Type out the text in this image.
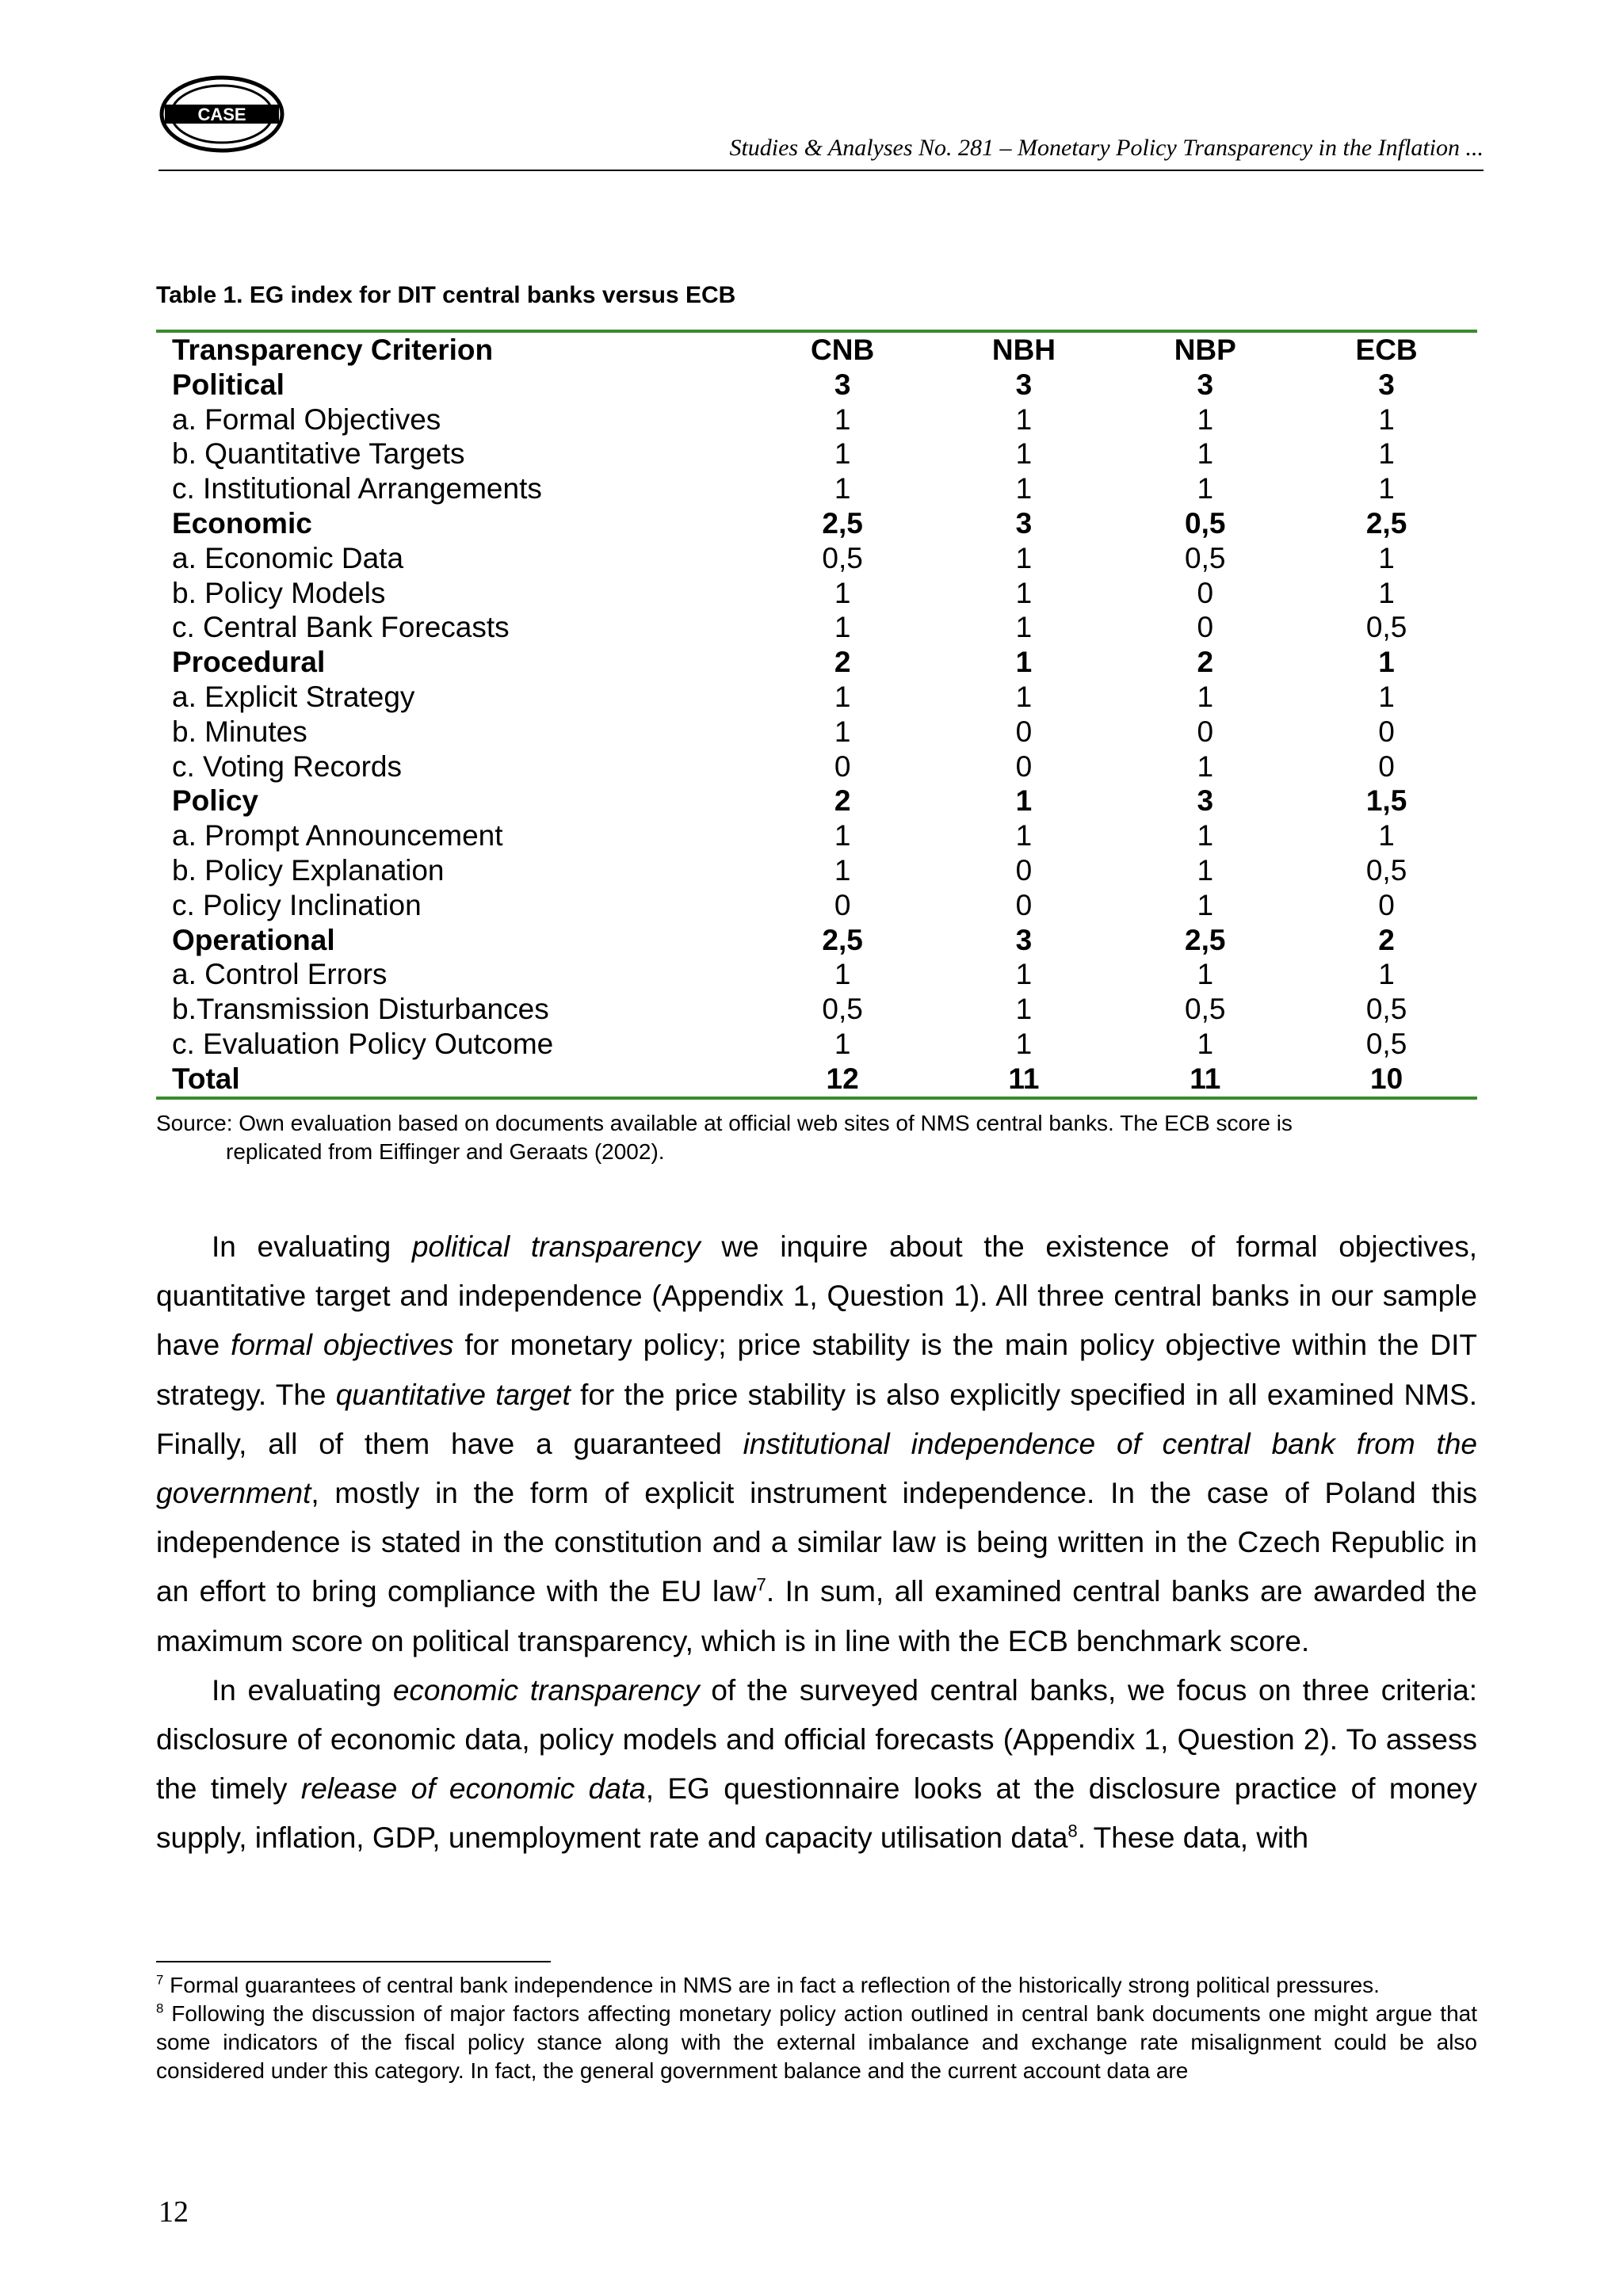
CASE
Studies & Analyses No. 281 – Monetary Policy Transparency in the Inflation ...
Table 1. EG index for DIT central banks versus ECB
Transparency Criterion	CNB	NBH	NBP	ECB
Political	3	3	3	3
a. Formal Objectives	1	1	1	1
b. Quantitative Targets	1	1	1	1
c. Institutional Arrangements	1	1	1	1
Economic	2,5	3	0,5	2,5
a. Economic Data	0,5	1	0,5	1
b. Policy Models	1	1	0	1
c. Central Bank Forecasts	1	1	0	0,5
Procedural	2	1	2	1
a. Explicit Strategy	1	1	1	1
b. Minutes	1	0	0	0
c. Voting Records	0	0	1	0
Policy	2	1	3	1,5
a. Prompt Announcement	1	1	1	1
b. Policy Explanation	1	0	1	0,5
c. Policy Inclination	0	0	1	0
Operational	2,5	3	2,5	2
a. Control Errors	1	1	1	1
b.Transmission Disturbances	0,5	1	0,5	0,5
c. Evaluation Policy Outcome	1	1	1	0,5
Total	12	11	11	10
Source: Own evaluation based on documents available at official web sites of NMS central banks. The ECB score is
replicated from Eiffinger and Geraats (2002).

In evaluating political transparency we inquire about the existence of formal objectives, quantitative target and independence (Appendix 1, Question 1). All three central banks in our sample have formal objectives for monetary policy; price stability is the main policy objective within the DIT strategy. The quantitative target for the price stability is also explicitly specified in all examined NMS. Finally, all of them have a guaranteed institutional independence of central bank from the government, mostly in the form of explicit instrument independence. In the case of Poland this independence is stated in the constitution and a similar law is being written in the Czech Republic in an effort to bring compliance with the EU law$^7$. In sum, all examined central banks are awarded the maximum score on political transparency, which is in line with the ECB benchmark score.

In evaluating economic transparency of the surveyed central banks, we focus on three criteria: disclosure of economic data, policy models and official forecasts (Appendix 1, Question 2). To assess the timely release of economic data, EG questionnaire looks at the disclosure practice of money supply, inflation, GDP, unemployment rate and capacity utilisation data$^8$. These data, with

$^7$ Formal guarantees of central bank independence in NMS are in fact a reflection of the historically strong political pressures.

$^8$ Following the discussion of major factors affecting monetary policy action outlined in central bank documents one might argue that some indicators of the fiscal policy stance along with the external imbalance and exchange rate misalignment could be also considered under this category. In fact, the general government balance and the current account data are

12
